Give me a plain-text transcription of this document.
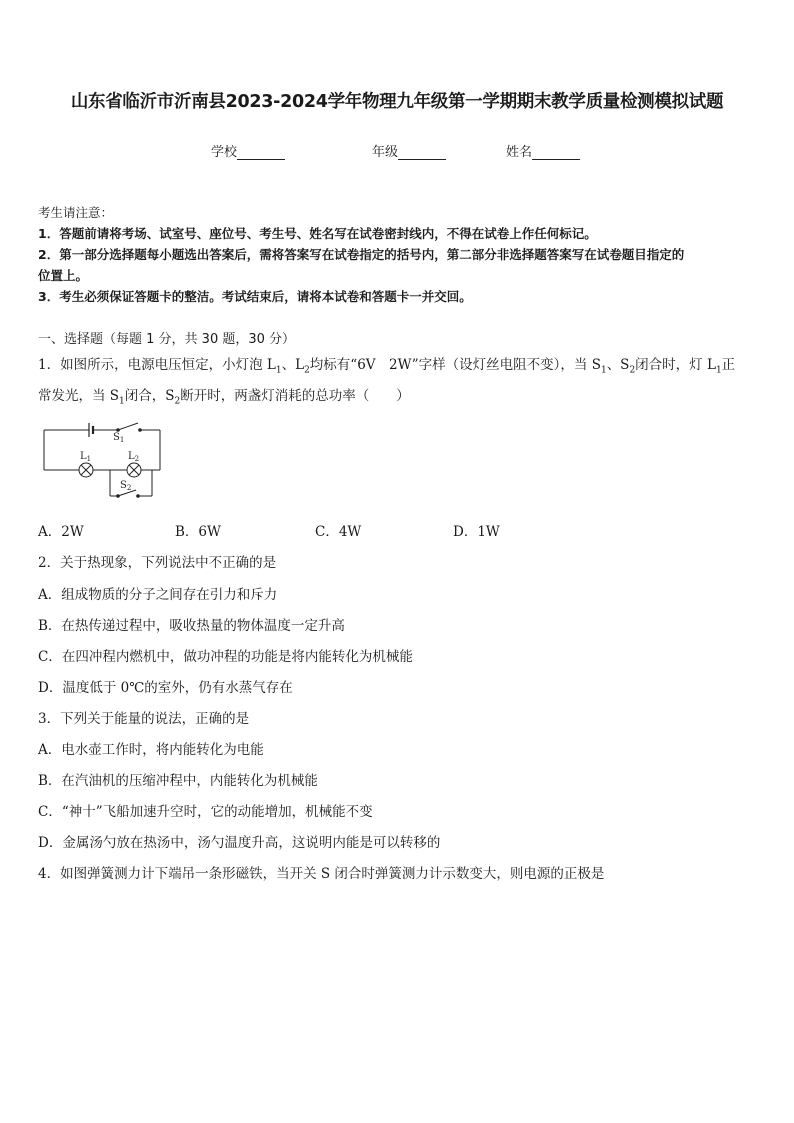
山东省临沂市沂南县2023-2024学年物理九年级第一学期期末教学质量检测模拟试题
学校	年级	姓名
考生请注意：
1．答题前请将考场、试室号、座位号、考生号、姓名写在试卷密封线内，不得在试卷上作任何标记。
2．第一部分选择题每小题选出答案后，需将答案写在试卷指定的括号内，第二部分非选择题答案写在试卷题目指定的
位置上。
3．考生必须保证答题卡的整洁。考试结束后，请将本试卷和答题卡一并交回。
一、选择题（每题 1 分，共 30 题，30 分）
1．如图所示，电源电压恒定，小灯泡 $L_1$、$L_2$均标有“6V　2W”字样（设灯丝电阻不变），当 $S_1$、$S_2$闭合时，灯 $L_1$正
常发光，当 $S_1$闭合，$S_2$断开时，两盏灯消耗的总功率（　　）
$S_1$
$L_1$	$L_2$
$S_2$
A．2W	B．6W	C．4W	D．1W
2．关于热现象，下列说法中不正确的是
A．组成物质的分子之间存在引力和斥力
B．在热传递过程中，吸收热量的物体温度一定升高
C．在四冲程内燃机中，做功冲程的功能是将内能转化为机械能
D．温度低于 0℃的室外，仍有水蒸气存在
3．下列关于能量的说法，正确的是
A．电水壶工作时，将内能转化为电能
B．在汽油机的压缩冲程中，内能转化为机械能
C．“神十”飞船加速升空时，它的动能增加，机械能不变
D．金属汤勺放在热汤中，汤勺温度升高，这说明内能是可以转移的
4．如图弹簧测力计下端吊一条形磁铁，当开关 S 闭合时弹簧测力计示数变大，则电源的正极是
